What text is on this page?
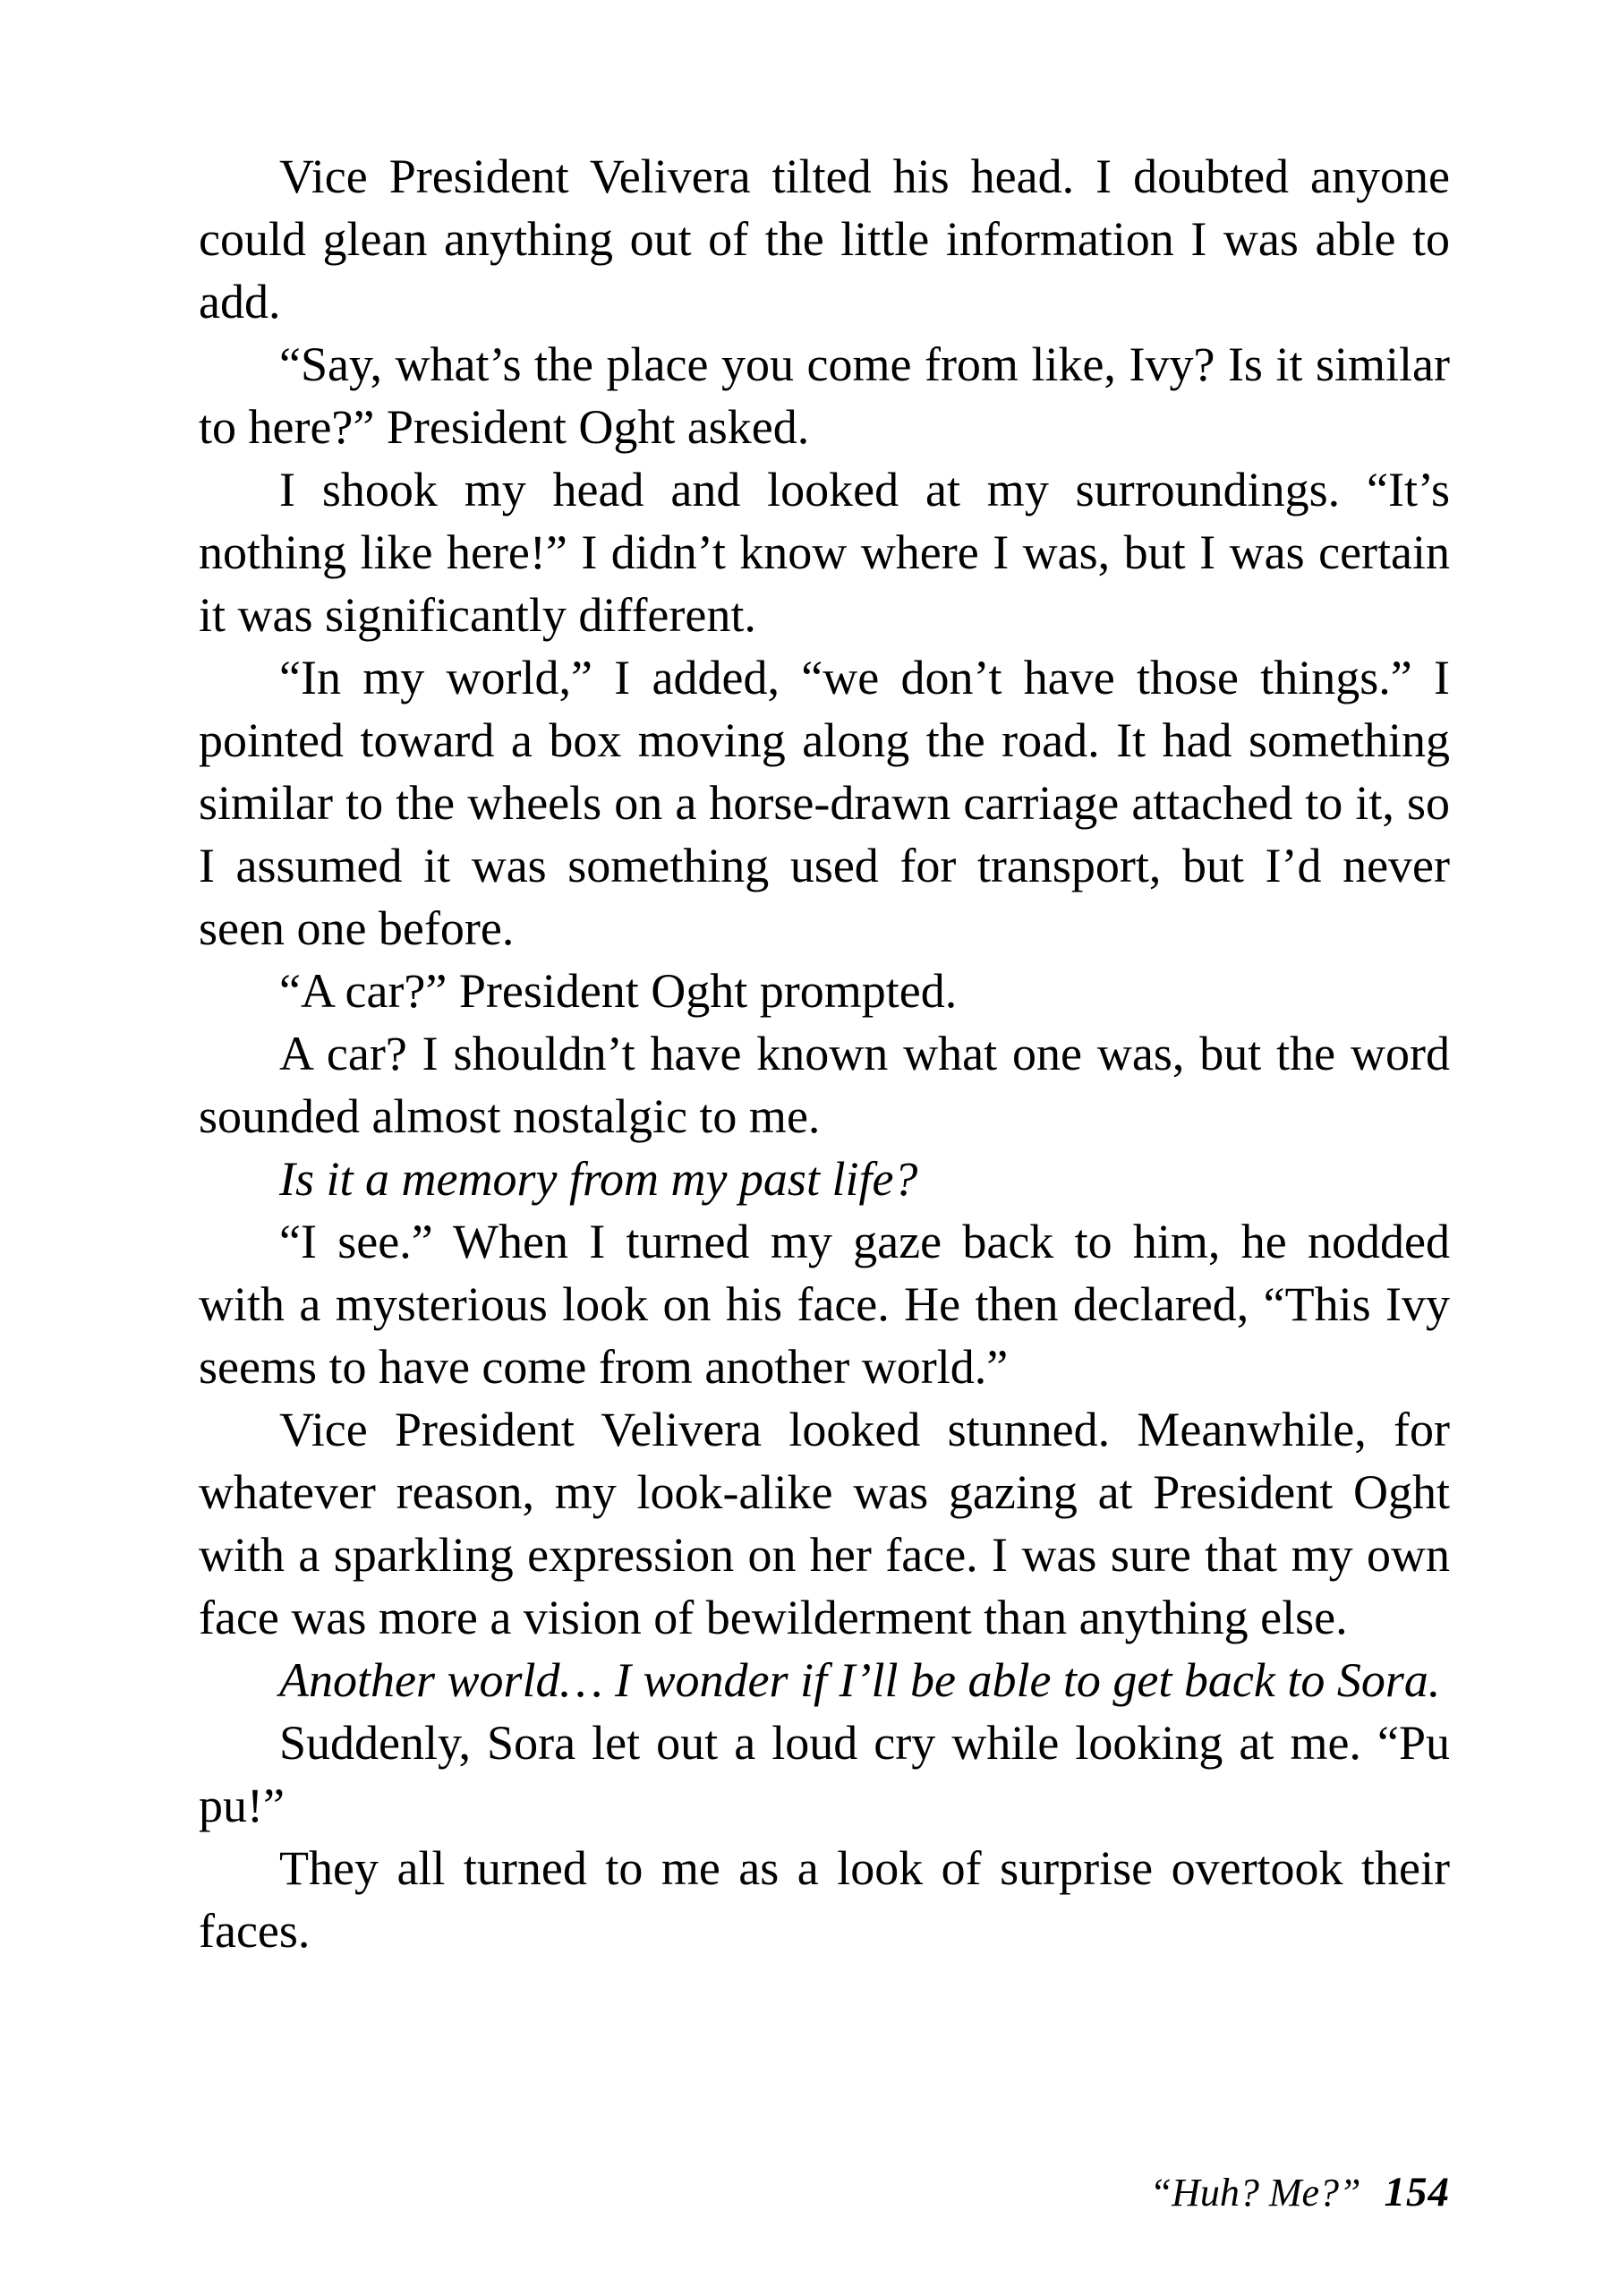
Vice President Velivera tilted his head. I doubted anyone could glean anything out of the little information I was able to add.

“Say, what’s the place you come from like, Ivy? Is it similar to here?” President Oght asked.

I shook my head and looked at my surroundings. “It’s nothing like here!” I didn’t know where I was, but I was certain it was significantly different.

“In my world,” I added, “we don’t have those things.” I pointed toward a box moving along the road. It had something similar to the wheels on a horse-drawn carriage attached to it, so I assumed it was something used for transport, but I’d never seen one before.

“A car?” President Oght prompted.

A car? I shouldn’t have known what one was, but the word sounded almost nostalgic to me.

Is it a memory from my past life?

“I see.” When I turned my gaze back to him, he nodded with a mysterious look on his face. He then declared, “This Ivy seems to have come from another world.”

Vice President Velivera looked stunned. Meanwhile, for whatever reason, my look-alike was gazing at President Oght with a sparkling expression on her face. I was sure that my own face was more a vision of bewilderment than anything else.

Another world… I wonder if I’ll be able to get back to Sora.

Suddenly, Sora let out a loud cry while looking at me. “Pu pu!”

They all turned to me as a look of surprise overtook their faces.

“Huh? Me?” 154
